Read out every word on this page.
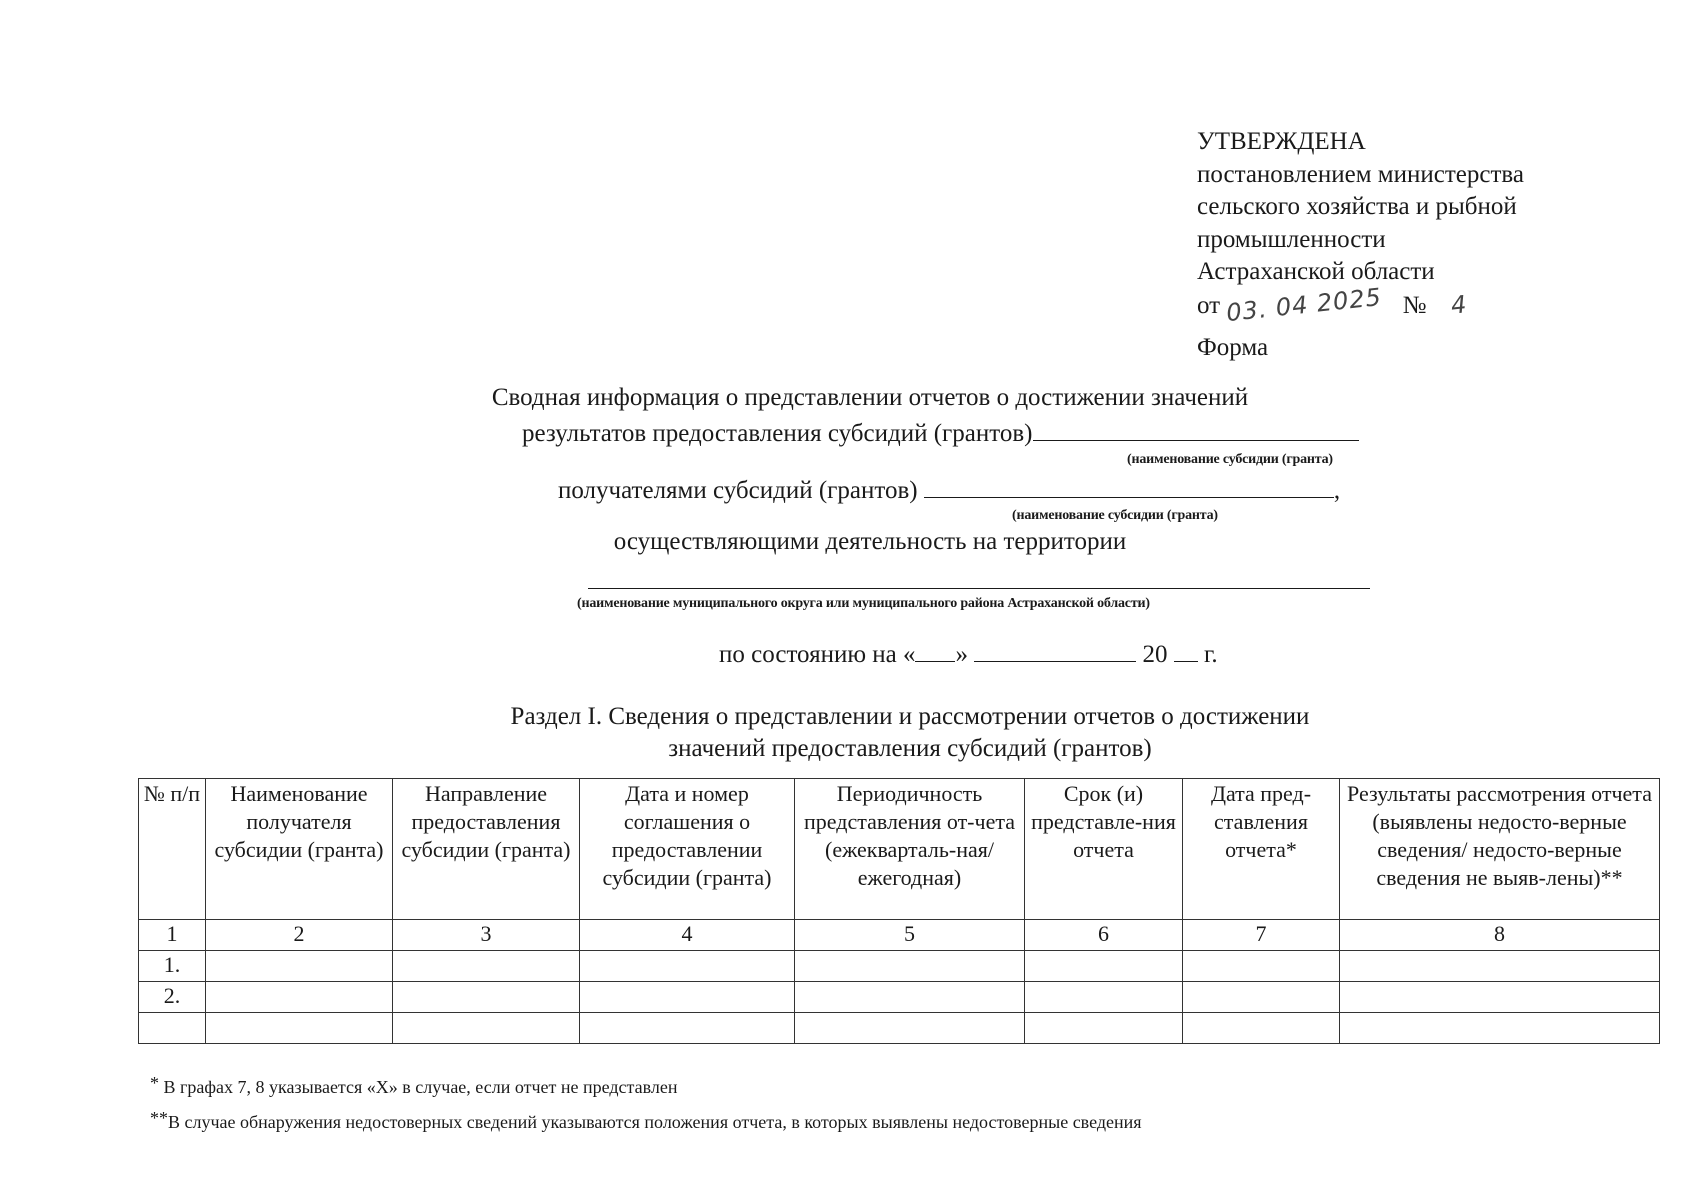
УТВЕРЖДЕНА
постановлением министерства
сельского хозяйства и рыбной
промышленности
Астраханской области
от 03. 04 2025 № 4
Форма
Сводная информация о представлении отчетов о достижении значений
результатов предоставления субсидий (грантов)
(наименование субсидии (гранта)
получателями субсидий (грантов)	,
(наименование субсидии (гранта)
осуществляющими деятельность на территории
(наименование муниципального округа или муниципального района Астраханской области)
по состоянию на « »	20 г.
Раздел I. Сведения о представлении и рассмотрении отчетов о достижении
значений предоставления субсидий (грантов)
№ п/п	Наименование получателя субсидии (гранта)	Направление предоставления субсидии (гранта)	Дата и номер соглашения о предоставлении субсидии (гранта)	Периодичность представления от-чета (ежекварталь-ная/ ежегодная)	Срок (и) представле-ния отчета	Дата пред-ставления отчета*	Результаты рассмотрения отчета (выявлены недосто-верные сведения/ недосто-верные сведения не выяв-лены)**
1	2	3	4	5	6	7	8
1.							
2.							

* В графах 7, 8 указывается «Х» в случае, если отчет не представлен
**В случае обнаружения недостоверных сведений указываются положения отчета, в которых выявлены недостоверные сведения
